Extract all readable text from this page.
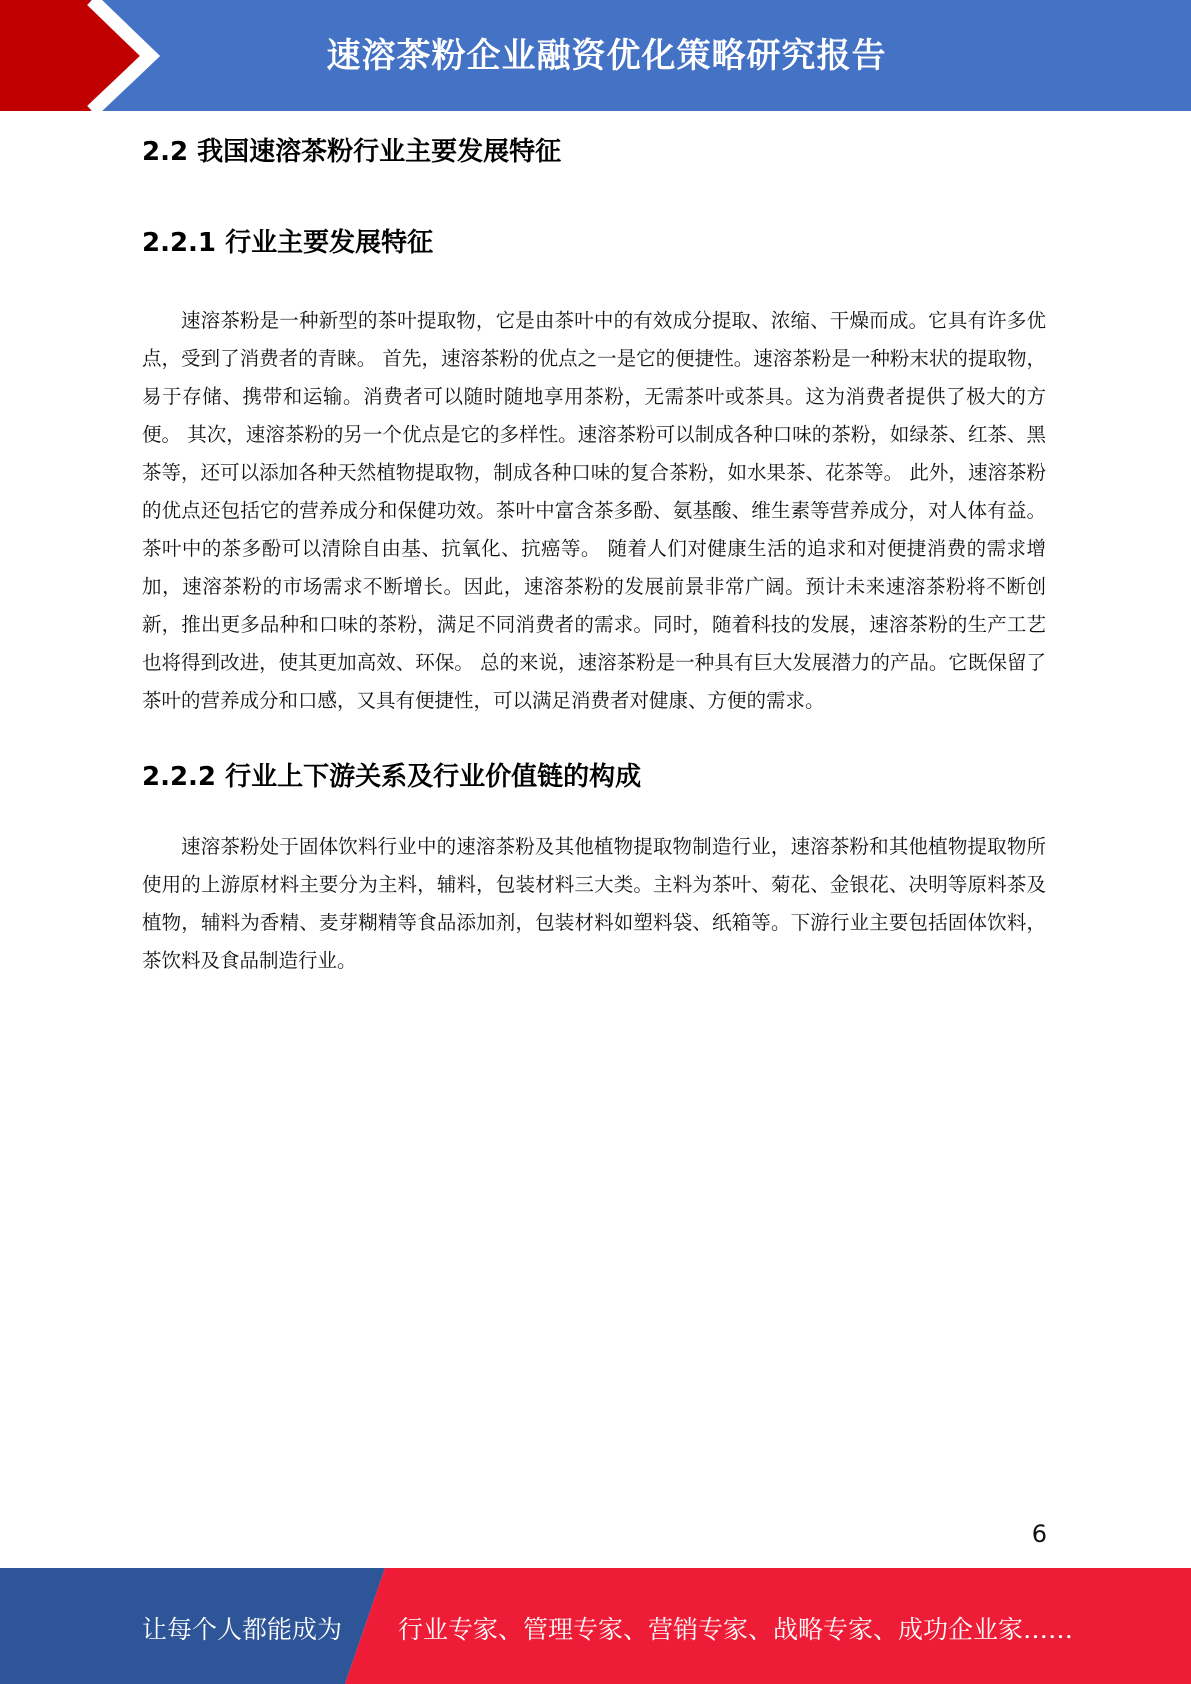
速溶茶粉企业融资优化策略研究报告
2.2 我国速溶茶粉行业主要发展特征
2.2.1 行业主要发展特征

速溶茶粉是一种新型的茶叶提取物，它是由茶叶中的有效成分提取、浓缩、干燥而成。它具有许多优点，受到了消费者的青睐。 首先，速溶茶粉的优点之一是它的便捷性。速溶茶粉是一种粉末状的提取物，易于存储、携带和运输。消费者可以随时随地享用茶粉，无需茶叶或茶具。这为消费者提供了极大的方便。 其次，速溶茶粉的另一个优点是它的多样性。速溶茶粉可以制成各种口味的茶粉，如绿茶、红茶、黑茶等，还可以添加各种天然植物提取物，制成各种口味的复合茶粉，如水果茶、花茶等。 此外，速溶茶粉的优点还包括它的营养成分和保健功效。茶叶中富含茶多酚、氨基酸、维生素等营养成分，对人体有益。茶叶中的茶多酚可以清除自由基、抗氧化、抗癌等。 随着人们对健康生活的追求和对便捷消费的需求增加，速溶茶粉的市场需求不断增长。因此，速溶茶粉的发展前景非常广阔。预计未来速溶茶粉将不断创新，推出更多品种和口味的茶粉，满足不同消费者的需求。同时，随着科技的发展，速溶茶粉的生产工艺也将得到改进，使其更加高效、环保。 总的来说，速溶茶粉是一种具有巨大发展潜力的产品。它既保留了茶叶的营养成分和口感，又具有便捷性，可以满足消费者对健康、方便的需求。

2.2.2 行业上下游关系及行业价值链的构成

速溶茶粉处于固体饮料行业中的速溶茶粉及其他植物提取物制造行业，速溶茶粉和其他植物提取物所使用的上游原材料主要分为主料，辅料，包装材料三大类。主料为茶叶、菊花、金银花、决明等原料茶及植物，辅料为香精、麦芽糊精等食品添加剂，包装材料如塑料袋、纸箱等。下游行业主要包括固体饮料，茶饮料及食品制造行业。

6
让每个人都能成为 行业专家、管理专家、营销专家、战略专家、成功企业家……
